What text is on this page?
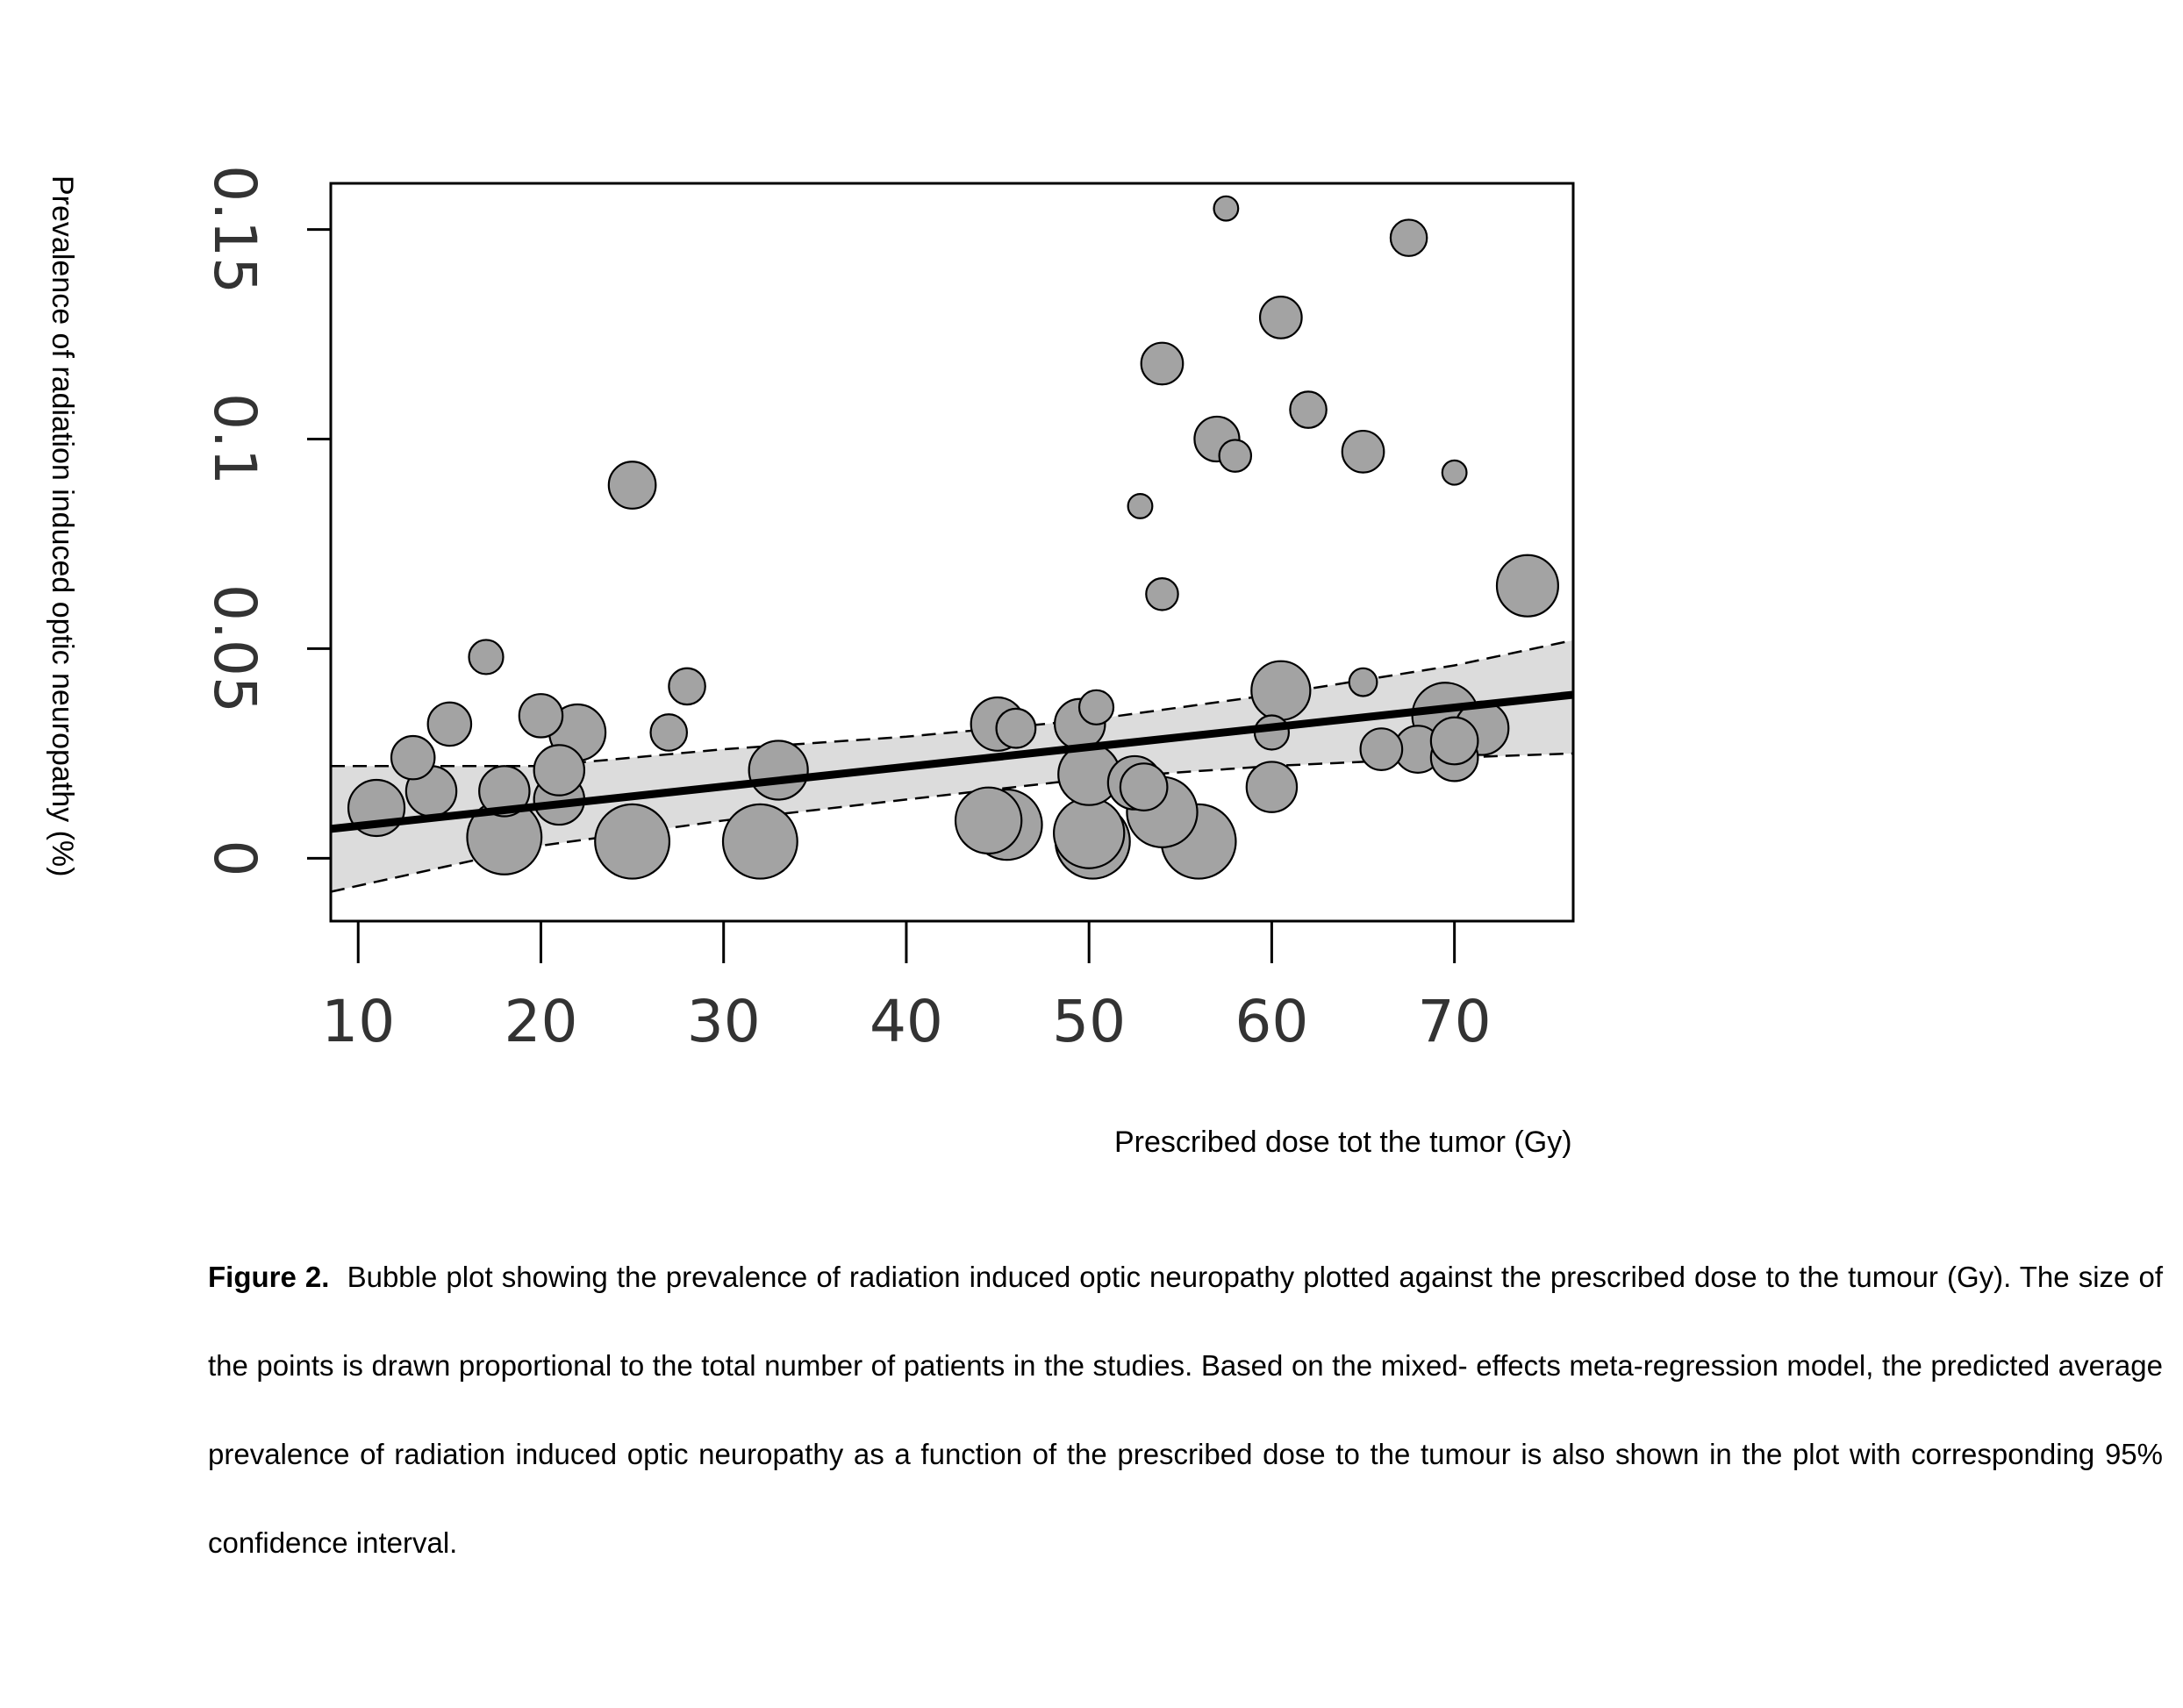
Prevalence of radiation induced optic neuropathy (%)
10 20 30 40 50 60 70
0
0.05
0.1
0.15
Prescribed dose tot the tumor (Gy)
Figure 2. Bubble plot showing the prevalence of radiation induced optic neuropathy plotted against the prescribed dose to the tumour (Gy). The size of the points is drawn proportional to the total number of patients in the studies. Based on the mixed- effects meta-regression model, the predicted average prevalence of radiation induced optic neuropathy as a function of the prescribed dose to the tumour is also shown in the plot with corresponding 95% confidence interval.
